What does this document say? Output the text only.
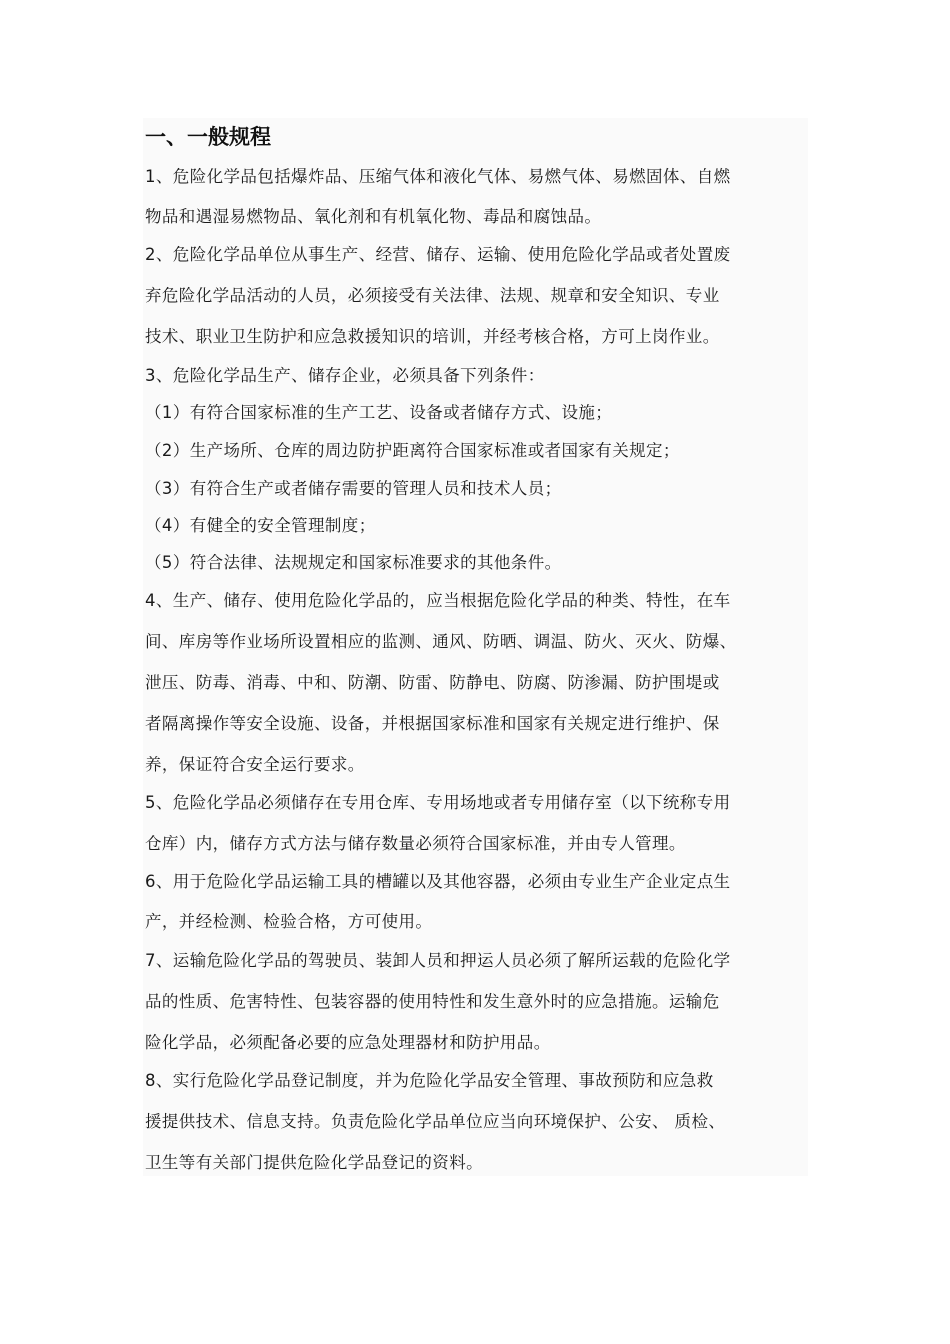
一、一般规程
1、危险化学品包括爆炸品、压缩气体和液化气体、易燃气体、易燃固体、自燃
物品和遇湿易燃物品、氧化剂和有机氧化物、毒品和腐蚀品。
2、危险化学品单位从事生产、经营、储存、运输、使用危险化学品或者处置废
弃危险化学品活动的人员，必须接受有关法律、法规、规章和安全知识、专业
技术、职业卫生防护和应急救援知识的培训，并经考核合格，方可上岗作业。
3、危险化学品生产、储存企业，必须具备下列条件：
（1）有符合国家标准的生产工艺、设备或者储存方式、设施；
（2）生产场所、仓库的周边防护距离符合国家标准或者国家有关规定；
（3）有符合生产或者储存需要的管理人员和技术人员；
（4）有健全的安全管理制度；
（5）符合法律、法规规定和国家标准要求的其他条件。
4、生产、储存、使用危险化学品的，应当根据危险化学品的种类、特性，在车
间、库房等作业场所设置相应的监测、通风、防晒、调温、防火、灭火、防爆、
泄压、防毒、消毒、中和、防潮、防雷、防静电、防腐、防渗漏、防护围堤或
者隔离操作等安全设施、设备，并根据国家标准和国家有关规定进行维护、保
养，保证符合安全运行要求。
5、危险化学品必须储存在专用仓库、专用场地或者专用储存室（以下统称专用
仓库）内，储存方式方法与储存数量必须符合国家标准，并由专人管理。
6、用于危险化学品运输工具的槽罐以及其他容器，必须由专业生产企业定点生
产，并经检测、检验合格，方可使用。
7、运输危险化学品的驾驶员、装卸人员和押运人员必须了解所运载的危险化学
品的性质、危害特性、包装容器的使用特性和发生意外时的应急措施。运输危
险化学品，必须配备必要的应急处理器材和防护用品。
8、实行危险化学品登记制度，并为危险化学品安全管理、事故预防和应急救
援提供技术、信息支持。负责危险化学品单位应当向环境保护、公安、 质检、
卫生等有关部门提供危险化学品登记的资料。
